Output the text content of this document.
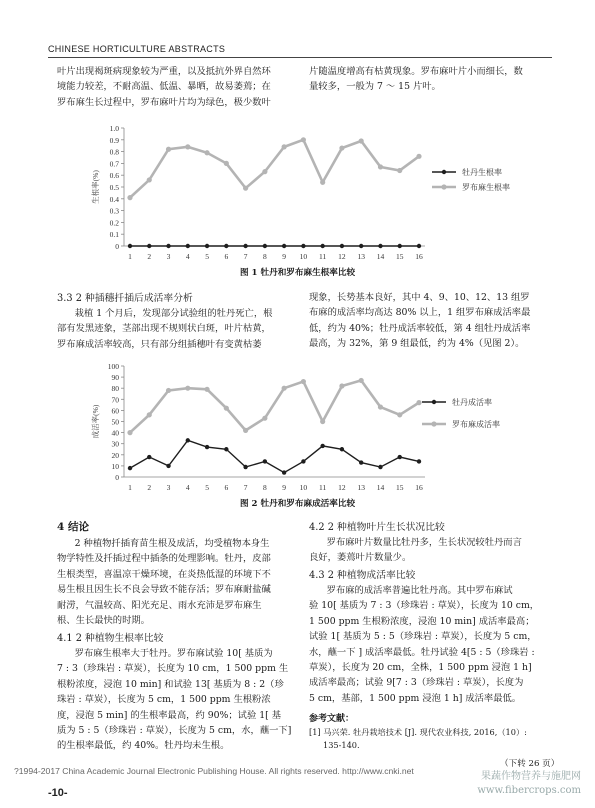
CHINESE HORTICULTURE ABSTRACTS

叶片出现褐斑病现象较为严重，以及抵抗外界自然环

境能力较差，不耐高温、低温、暴晒，故易萎蔫；在

罗布麻生长过程中，罗布麻叶片均为绿色，极少数叶

片随温度增高有枯黄现象。罗布麻叶片小而细长，数

量较多，一般为 7 ～ 15 片叶。

0
0.1
0.2
0.3
0.4
0.5
0.6
0.7
0.8
0.9
1.0
1 2 3 4 5 6 7 8 9 10 11 12 13 14 15 16
生根率(%)	牡丹生根率
罗布麻生根率
图 1 牡丹和罗布麻生根率比较
3.3 2 种插穗扦插后成活率分析

栽植 1 个月后，发现部分试验组的牡丹死亡，根

部有发黑迹象，茎部出现不规则状白斑，叶片枯黄，

罗布麻成活率较高，只有部分组插穗叶有变黄枯萎

现象，长势基本良好，其中 4、9、10、12、13 组罗

布麻的成活率均高达 80% 以上，1 组罗布麻成活率最

低，约为 40%；牡丹成活率较低，第 4 组牡丹成活率

最高，为 32%，第 9 组最低，约为 4%（见图 2）。

0
10
20
30
40
50
60
70
80
90
100
1 2 3 4 5 6 7 8 9 10 11 12 13 14 15 16
成活率(%)
牡丹成活率
罗布麻成活率
图 2 牡丹和罗布麻成活率比较
4 结论

2 种植物扦插育苗生根及成活，均受植物本身生

物学特性及扦插过程中插条的处理影响。牡丹，皮部

生根类型，喜温凉干燥环境，在炎热低湿的环境下不

易生根且因生长不良会导致不能存活；罗布麻耐盐碱

耐涝，气温较高、阳光充足、雨水充沛是罗布麻生

根、生长最快的时期。

4.1 2 种植物生根率比较

罗布麻生根率大于牡丹。罗布麻试验 10[ 基质为

7 : 3（珍珠岩 : 草炭），长度为 10 cm，1 500 ppm 生

根粉浓度，浸泡 10 min] 和试验 13[ 基质为 8 : 2（珍

珠岩 : 草炭），长度为 5 cm，1 500 ppm 生根粉浓

度，浸泡 5 min] 的生根率最高，约 90%；试验 1[ 基

质为 5 : 5（珍珠岩 : 草炭），长度为 5 cm，水，蘸一下]

的生根率最低，约 40%。牡丹均未生根。

4.2 2 种植物叶片生长状况比较

罗布麻叶片数量比牡丹多，生长状况较牡丹而言

良好，萎蔫叶片数量少。

4.3 2 种植物成活率比较

罗布麻的成活率普遍比牡丹高。其中罗布麻试

验 10[ 基质为 7 : 3（珍珠岩 : 草炭），长度为 10 cm，

1 500 ppm 生根粉浓度，浸泡 10 min] 成活率最高；

试验 1[ 基质为 5 : 5（珍珠岩 : 草炭），长度为 5 cm，

水，蘸一下 ] 成活率最低。牡丹试验 4[5 : 5（珍珠岩 :

草炭），长度为 20 cm，全株，1 500 ppm 浸泡 1 h]

成活率最高；试验 9[7 : 3（珍珠岩 : 草炭），长度为

5 cm，基部，1 500 ppm 浸泡 1 h] 成活率最低。

参考文献：
[1] 马兴荣. 牡丹栽培技术 [J]. 现代农业科技, 2016,（10）:
135-140.
（下转 26 页）
?1994-2017 China Academic Journal Electronic Publishing House. All rights reserved. http://www.cnki.net
-10-
果蔬作物营养与施肥网
www.fibercrops.com
